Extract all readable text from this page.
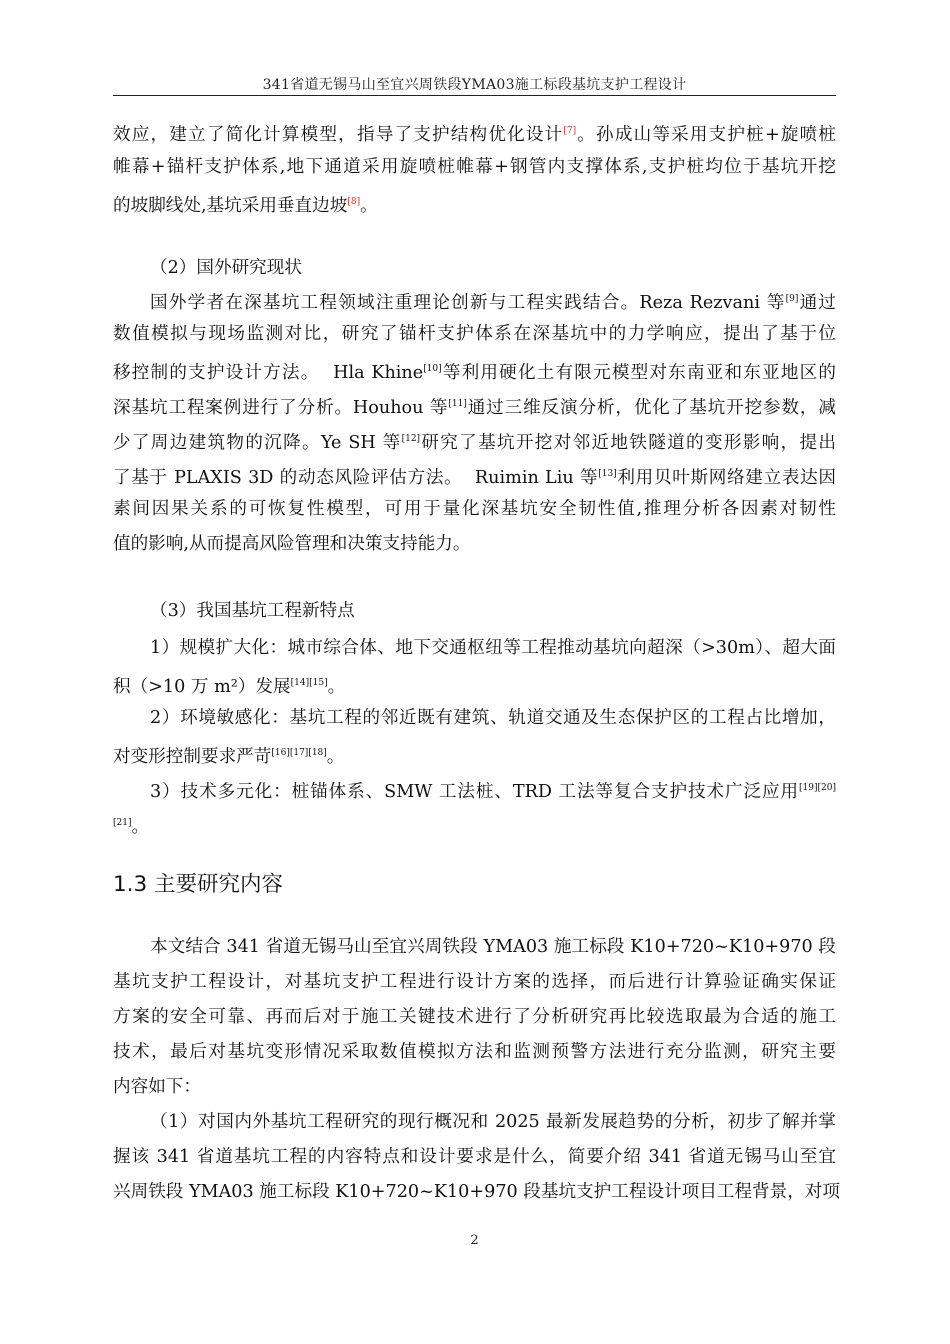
341省道无锡马山至宜兴周铁段YMA03施工标段基坑支护工程设计
效应，建立了简化计算模型，指导了支护结构优化设计[7]。孙成山等采用支护桩+旋喷桩
帷幕+锚杆支护体系,地下通道采用旋喷桩帷幕+钢管内支撑体系,支护桩均位于基坑开挖
的坡脚线处,基坑采用垂直边坡[8]。
（2）国外研究现状
国外学者在深基坑工程领域注重理论创新与工程实践结合。Reza Rezvani 等[9]通过
数值模拟与现场监测对比，研究了锚杆支护体系在深基坑中的力学响应，提出了基于位
移控制的支护设计方法。  Hla Khine[10]等利用硬化土有限元模型对东南亚和东亚地区的
深基坑工程案例进行了分析。Houhou 等[11]通过三维反演分析，优化了基坑开挖参数，减
少了周边建筑物的沉降。Ye SH 等[12]研究了基坑开挖对邻近地铁隧道的变形影响，提出
了基于 PLAXIS 3D 的动态风险评估方法。  Ruimin Liu 等[13]利用贝叶斯网络建立表达因
素间因果关系的可恢复性模型，可用于量化深基坑安全韧性值,推理分析各因素对韧性
值的影响,从而提高风险管理和决策支持能力。
（3）我国基坑工程新特点
1）规模扩大化：城市综合体、地下交通枢纽等工程推动基坑向超深（>30m）、超大面
积（>10 万 m²）发展[14][15]。
2）环境敏感化：基坑工程的邻近既有建筑、轨道交通及生态保护区的工程占比增加，
对变形控制要求严苛[16][17][18]。
3）技术多元化：桩锚体系、SMW 工法桩、TRD 工法等复合支护技术广泛应用[19][20]
[21]。
1.3 主要研究内容
本文结合 341 省道无锡马山至宜兴周铁段 YMA03 施工标段 K10+720~K10+970 段
基坑支护工程设计，对基坑支护工程进行设计方案的选择，而后进行计算验证确实保证
方案的安全可靠、再而后对于施工关键技术进行了分析研究再比较选取最为合适的施工
技术，最后对基坑变形情况采取数值模拟方法和监测预警方法进行充分监测，研究主要
内容如下：
（1）对国内外基坑工程研究的现行概况和 2025 最新发展趋势的分析，初步了解并掌
握该 341 省道基坑工程的内容特点和设计要求是什么，简要介绍 341 省道无锡马山至宜
兴周铁段 YMA03 施工标段 K10+720~K10+970 段基坑支护工程设计项目工程背景，对项
2
